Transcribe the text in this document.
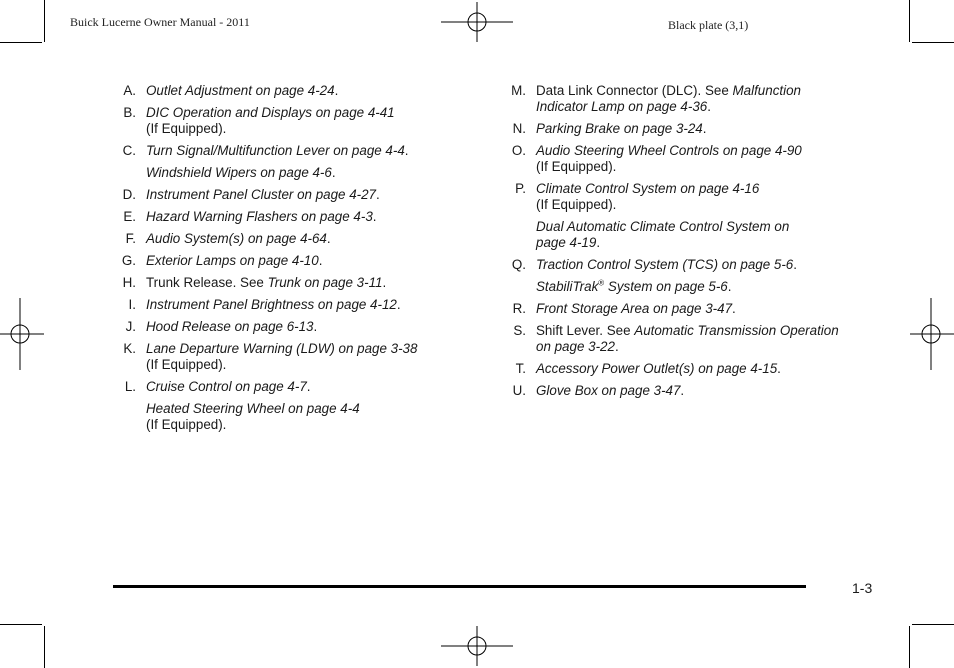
Buick Lucerne Owner Manual - 2011	Black plate (3,1)
A. Outlet Adjustment on page 4-24.
B. DIC Operation and Displays on page 4-41
(If Equipped).
C. Turn Signal/Multifunction Lever on page 4-4.
Windshield Wipers on page 4-6.
D. Instrument Panel Cluster on page 4-27.
E. Hazard Warning Flashers on page 4-3.
F. Audio System(s) on page 4-64.
G. Exterior Lamps on page 4-10.
H. Trunk Release. See Trunk on page 3-11.
I. Instrument Panel Brightness on page 4-12.
J. Hood Release on page 6-13.
K. Lane Departure Warning (LDW) on page 3-38
(If Equipped).
L. Cruise Control on page 4-7.
Heated Steering Wheel on page 4-4
(If Equipped).
M. Data Link Connector (DLC). See Malfunction
Indicator Lamp on page 4-36.
N. Parking Brake on page 3-24.
O. Audio Steering Wheel Controls on page 4-90
(If Equipped).
P. Climate Control System on page 4-16
(If Equipped).
Dual Automatic Climate Control System on
page 4-19.
Q. Traction Control System (TCS) on page 5-6.
StabiliTrak® System on page 5-6.
R. Front Storage Area on page 3-47.
S. Shift Lever. See Automatic Transmission Operation
on page 3-22.
T. Accessory Power Outlet(s) on page 4-15.
U. Glove Box on page 3-47.
1-3
